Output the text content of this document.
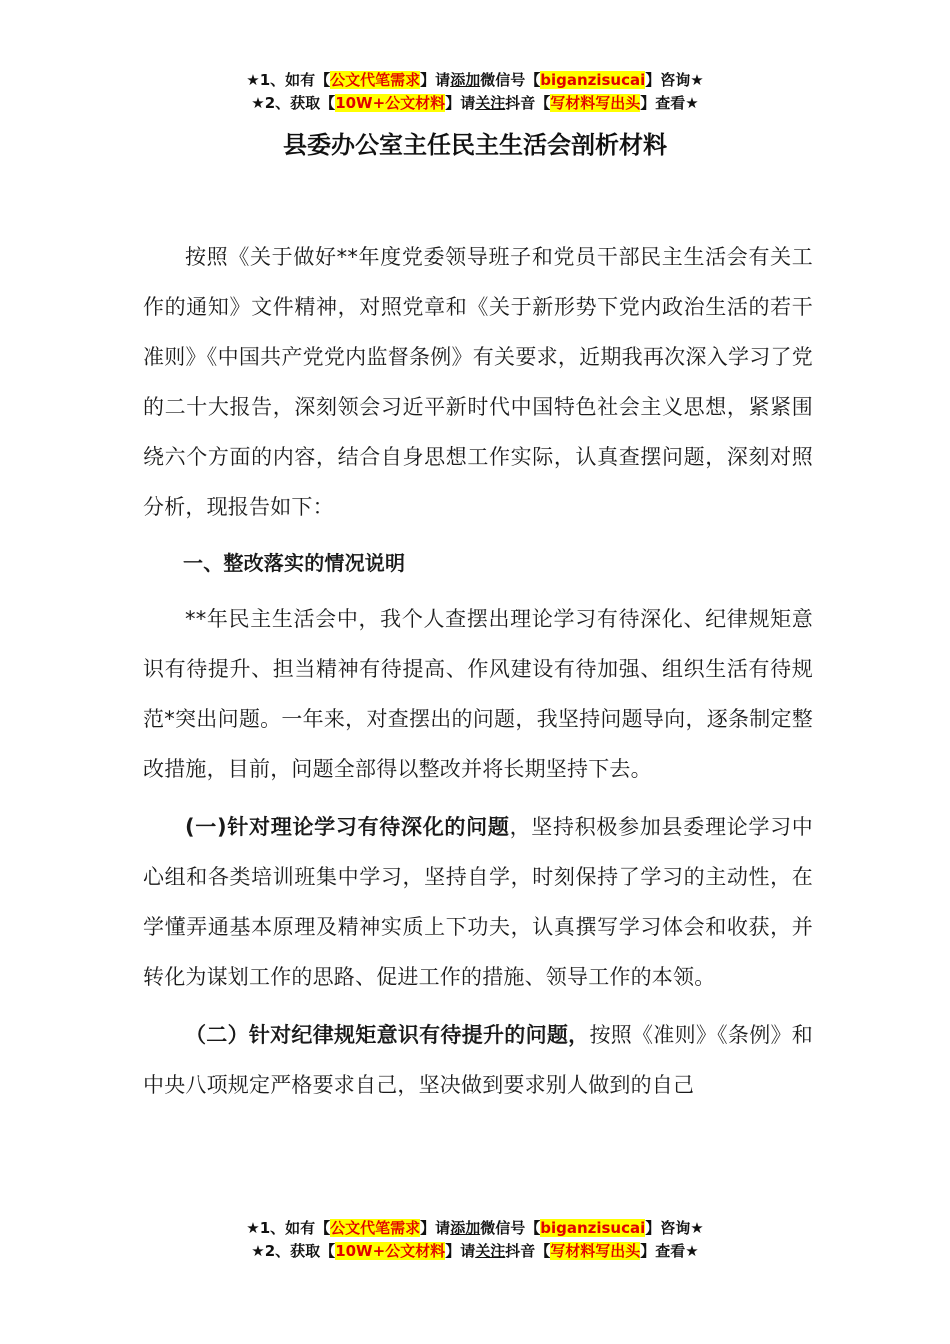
★1、如有【公文代笔需求】请添加微信号【biganzisucai】咨询★
★2、获取【10W+公文材料】请关注抖音【写材料写出头】查看★
县委办公室主任民主生活会剖析材料

按照《关于做好**年度党委领导班子和党员干部民主生活会有关工作的通知》文件精神，对照党章和《关于新形势下党内政治生活的若干准则》《中国共产党党内监督条例》有关要求，近期我再次深入学习了党的二十大报告，深刻领会习近平新时代中国特色社会主义思想，紧紧围绕六个方面的内容，结合自身思想工作实际，认真查摆问题，深刻对照分析，现报告如下：

一、整改落实的情况说明

**年民主生活会中，我个人查摆出理论学习有待深化、纪律规矩意识有待提升、担当精神有待提高、作风建设有待加强、组织生活有待规范*突出问题。一年来，对查摆出的问题，我坚持问题导向，逐条制定整改措施，目前，问题全部得以整改并将长期坚持下去。

(一)针对理论学习有待深化的问题，坚持积极参加县委理论学习中心组和各类培训班集中学习，坚持自学，时刻保持了学习的主动性，在学懂弄通基本原理及精神实质上下功夫，认真撰写学习体会和收获，并转化为谋划工作的思路、促进工作的措施、领导工作的本领。

（二）针对纪律规矩意识有待提升的问题，按照《准则》《条例》和中央八项规定严格要求自己，坚决做到要求别人做到的自己

★1、如有【公文代笔需求】请添加微信号【biganzisucai】咨询★
★2、获取【10W+公文材料】请关注抖音【写材料写出头】查看★
